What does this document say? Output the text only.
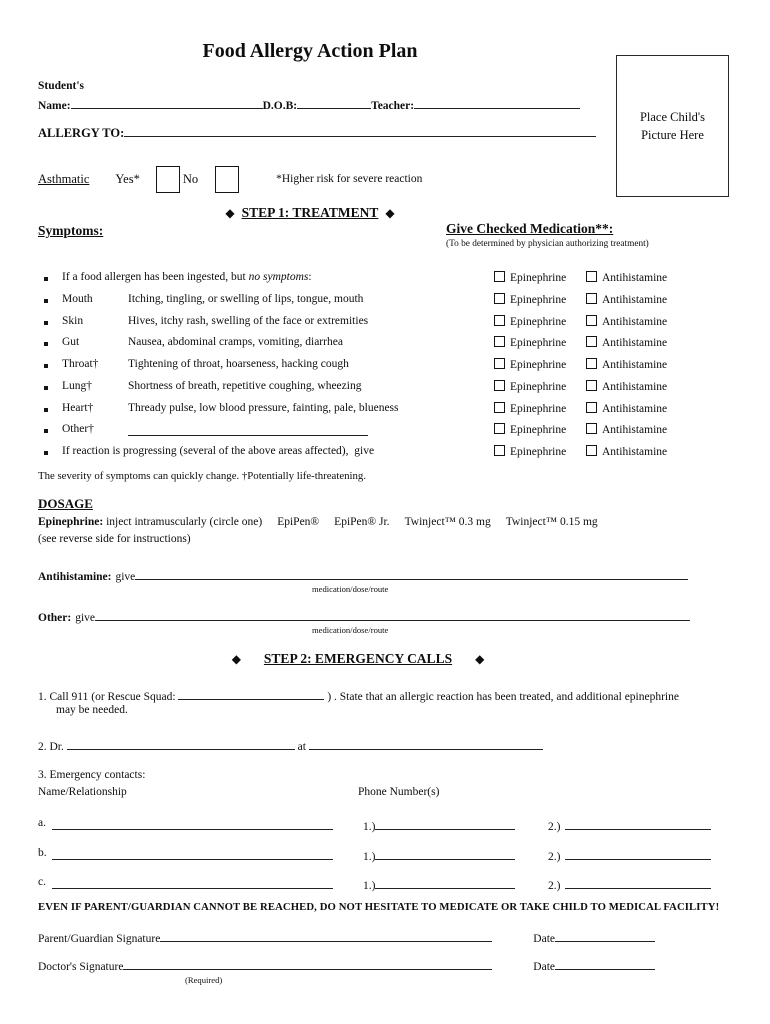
Food Allergy Action Plan
Place Child's Picture Here
Student's
Name:	D.O.B:	Teacher:
ALLERGY TO:
Asthmatic Yes*	No	*Higher risk for severe reaction
◆ STEP 1: TREATMENT ◆
Symptoms:	Give Checked Medication**:
(To be determined by physician authorizing treatment)
If a food allergen has been ingested, but no symptoms:	Epinephrine	Antihistamine
Mouth	Itching, tingling, or swelling of lips, tongue, mouth	Epinephrine	Antihistamine
Skin	Hives, itchy rash, swelling of the face or extremities	Epinephrine	Antihistamine
Gut	Nausea, abdominal cramps, vomiting, diarrhea	Epinephrine	Antihistamine
Throat†	Tightening of throat, hoarseness, hacking cough	Epinephrine	Antihistamine
Lung†	Shortness of breath, repetitive coughing, wheezing	Epinephrine	Antihistamine
Heart†	Thready pulse, low blood pressure, fainting, pale, blueness	Epinephrine	Antihistamine
Other†	Epinephrine	Antihistamine
If reaction is progressing (several of the above areas affected),  give	Epinephrine	Antihistamine
The severity of symptoms can quickly change. †Potentially life-threatening.
DOSAGE
Epinephrine: inject intramuscularly (circle one) EpiPen® EpiPen® Jr. Twinject™ 0.3 mg Twinject™ 0.15 mg
(see reverse side for instructions)
Antihistamine: give
medication/dose/route
Other: give
medication/dose/route
◆ STEP 2: EMERGENCY CALLS ◆
1. Call 911 (or Rescue Squad:	) . State that an allergic reaction has been treated, and additional epinephrine
may be needed.
2. Dr.	at
3. Emergency contacts:
Name/Relationship	Phone Number(s)
a.	1.)	2.)
b.	1.)	2.)
c.	1.)	2.)
EVEN IF PARENT/GUARDIAN CANNOT BE REACHED, DO NOT HESITATE TO MEDICATE OR TAKE CHILD TO MEDICAL FACILITY!
Parent/Guardian Signature	Date
Doctor's Signature	Date
(Required)
